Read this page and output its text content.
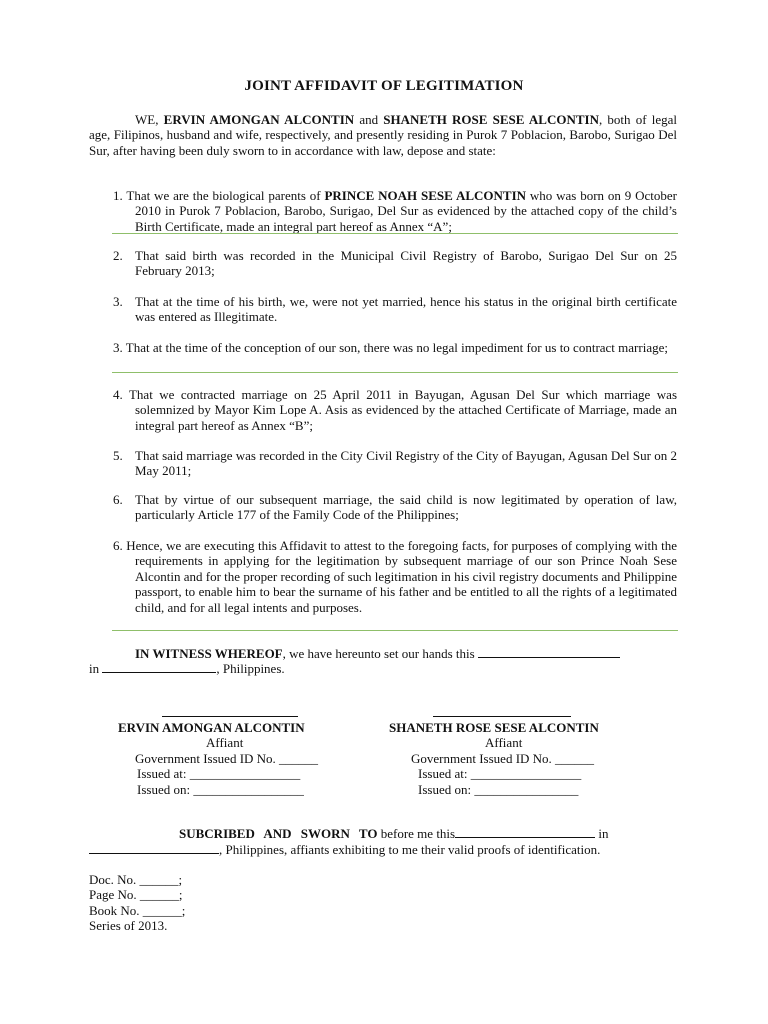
JOINT AFFIDAVIT OF LEGITIMATION
WE, ERVIN AMONGAN ALCONTIN and SHANETH ROSE SESE ALCONTIN, both of legal age, Filipinos, husband and wife, respectively, and presently residing in Purok 7 Poblacion, Barobo, Surigao Del Sur, after having been duly sworn to in accordance with law, depose and state:
1. That we are the biological parents of PRINCE NOAH SESE ALCONTIN who was born on 9 October 2010 in Purok 7 Poblacion, Barobo, Surigao, Del Sur as evidenced by the attached copy of the child’s Birth Certificate, made an integral part hereof as Annex “A”;
2. That said birth was recorded in the Municipal Civil Registry of Barobo, Surigao Del Sur on 25 February 2013;
3. That at the time of his birth, we, were not yet married, hence his status in the original birth certificate was entered as Illegitimate.
3. That at the time of the conception of our son, there was no legal impediment for us to contract marriage;
4. That we contracted marriage on 25 April 2011 in Bayugan, Agusan Del Sur which marriage was solemnized by Mayor Kim Lope A. Asis as evidenced by the attached Certificate of Marriage, made an integral part hereof as Annex “B”;
5. That said marriage was recorded in the City Civil Registry of the City of Bayugan, Agusan Del Sur on 2 May 2011;
6. That by virtue of our subsequent marriage, the said child is now legitimated by operation of law, particularly Article 177 of the Family Code of the Philippines;
6. Hence, we are executing this Affidavit to attest to the foregoing facts, for purposes of complying with the requirements in applying for the legitimation by subsequent marriage of our son Prince Noah Sese Alcontin and for the proper recording of such legitimation in his civil registry documents and Philippine passport, to enable him to bear the surname of his father and be entitled to all the rights of a legitimated child, and for all legal intents and purposes.
IN WITNESS WHEREOF, we have hereunto set our hands this
in	, Philippines.
ERVIN AMONGAN ALCONTIN
Affiant
Government Issued ID No. ______
Issued at: _________________
Issued on: _________________
SHANETH ROSE SESE ALCONTIN
Affiant
Government Issued ID No. ______
Issued at: _________________
Issued on: ________________
SUBCRIBED AND SWORN TO before me this	in
, Philippines, affiants exhibiting to me their valid proofs of identification.
Doc. No. ______;
Page No. ______;
Book No. ______;
Series of 2013.
